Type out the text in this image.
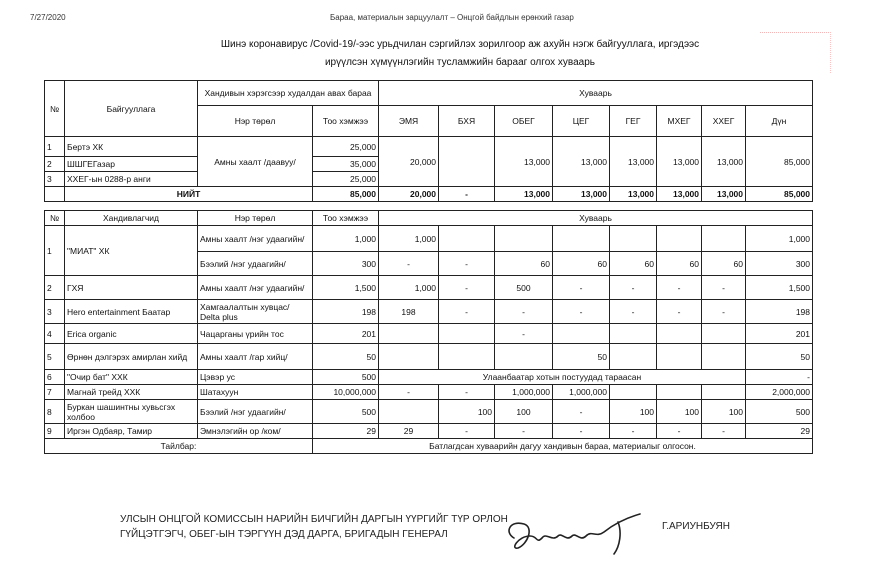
7/27/2020	Бараа, материалын зарцуулалт – Онцгой байдлын ерөнхий газар
Шинэ коронавирус /Covid-19/-ээс урьдчилан сэргийлэх зорилгоор аж ахуйн нэгж байгууллага, иргэдээс
ирүүлсэн хүмүүнлэгийн тусламжийн барааг олгох хуваарь
№	Байгууллага	Хандивын хэрэгсээр худалдан авах бараа		Хуваарь							
		Нэр төрөл	Тоо хэмжээ	ЭМЯ	БХЯ	ОБЕГ	ЦЕГ	ГЕГ	МХЕГ	ХХЕГ	Дүн
1	Бертэ ХК	Амны хаалт /даавуу/	25,000	20,000		13,000	13,000	13,000	13,000	13,000	85,000
2	ШШГЕГазар		35,000								
3	ХХЕГ-ын 0288-р анги		25,000								
	НИЙТ		85,000	20,000	-	13,000	13,000	13,000	13,000	13,000	85,000

№	Хандивлагчид	Нэр төрөл	Тоо хэмжээ	Хуваарь							
1	"МИАТ" ХК	Амны хаалт /нэг удаагийн/	1,000	1,000							1,000
		Бээлий /нэг удаагийн/	300	-	-	60	60	60	60	60	300
2	ГХЯ	Амны хаалт /нэг удаагийн/	1,500	1,000	-	500	-	-	-	-	1,500
3	Hero entertainment Баатар	Хамгаалалтын хувцас/ Delta plus	198	198	-	-	-	-	-	-	198
4	Erica organic	Чацарганы үрийн тос	201			-					201
5	Өрнөн дэлгэрэх амирлан хийд	Амны хаалт /гар хийц/	50				50				50
6	"Очир бат" ХХК	Цэвэр ус	500	Улаанбаатар хотын постуудад тараасан							-
7	Магнай трейд ХХК	Шатахуун	10,000,000	-	-	1,000,000	1,000,000				2,000,000
8	Буркан шашинтны хувьсгэх холбоо	Бээлий /нэг удаагийн/	500		100	100	-	100	100	100	500
9	Иргэн Одбаяр, Тамир	Эмнэлэгийн ор /ком/	29	29	-	-	-	-	-	-	29
Тайлбар:			Батлагдсан хуваарийн дагуу хандивын бараа, материалыг олгосон.								
УЛСЫН ОНЦГОЙ КОМИССЫН НАРИЙН БИЧГИЙН ДАРГЫН ҮҮРГИЙГ ТҮР ОРЛОН
ГҮЙЦЭТГЭГЧ, ОБЕГ-ЫН ТЭРГҮҮН ДЭД ДАРГА, БРИГАДЫН ГЕНЕРАЛ
Г.АРИУНБУЯН
